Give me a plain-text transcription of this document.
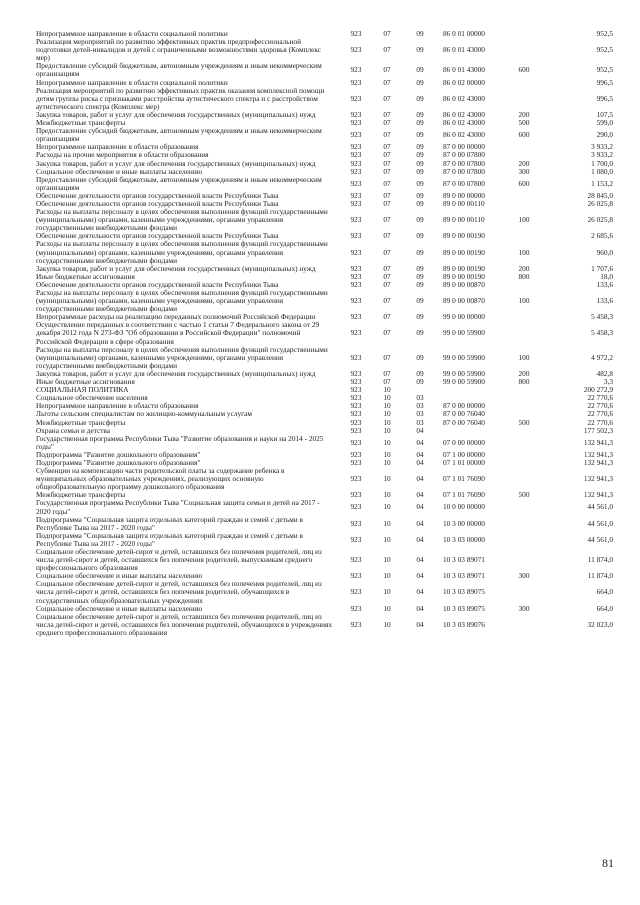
Непрограммное направление в области социальной политики	923	07	09	86 0 01 00000		952,5
Реализация мероприятий по развитию эффективных практик предпрофессиональной подготовки детей-инвалидов и детей с ограниченными возможностями здоровья (Комплекс мер)	923	07	09	86 0 01 43000		952,5
Предоставление субсидий бюджетным, автономным учреждениям и иным некоммерческим организациям	923	07	09	86 0 01 43000	600	952,5
Непрограммное направление в области социальной политики	923	07	09	86 0 02 00000		996,5
Реализация мероприятий по развитию эффективных практик оказания комплексной помощи детям группы риска с признаками расстройства аутистического спектра и с расстройством аутистического спектра (Комплекс мер)	923	07	09	86 0 02 43000		996,5
Закупка товаров, работ и услуг для обеспечения государственных (муниципальных) нужд	923	07	09	86 0 02 43000	200	107,5
Межбюджетные трансферты	923	07	09	86 0 02 43000	500	599,0
Предоставление субсидий бюджетным, автономным учреждениям и иным некоммерческим организациям	923	07	09	86 0 02 43000	600	290,0
Непрограммное направление в области образования	923	07	09	87 0 00 00000		3 933,2
Расходы на прочие мероприятия в области образования	923	07	09	87 0 00 07800		3 933,2
Закупка товаров, работ и услуг для обеспечения государственных (муниципальных) нужд	923	07	09	87 0 00 07800	200	1 700,0
Социальное обеспечение и иные выплаты населению	923	07	09	87 0 00 07800	300	1 080,0
Предоставление субсидий бюджетным, автономным учреждениям и иным некоммерческим организациям	923	07	09	87 0 00 07800	600	1 153,2
Обеспечение деятельности органов государственной власти Республики Тыва	923	07	09	89 0 00 00000		28 845,0
Обеспечение деятельности органов государственной власти Республики Тыва	923	07	09	89 0 00 00110		26 025,8
Расходы на выплаты персоналу в целях обеспечения выполнения функций государственными (муниципальными) органами, казенными учреждениями, органами управления государственными внебюджетными фондами	923	07	09	89 0 00 00110	100	26 025,8
Обеспечение деятельности органов государственной власти Республики Тыва	923	07	09	89 0 00 00190		2 685,6
Расходы на выплаты персоналу в целях обеспечения выполнения функций государственными (муниципальными) органами, казенными учреждениями, органами управления государственными внебюджетными фондами	923	07	09	89 0 00 00190	100	960,0
Закупка товаров, работ и услуг для обеспечения государственных (муниципальных) нужд	923	07	09	89 0 00 00190	200	1 707,6
Иные бюджетные ассигнования	923	07	09	89 0 00 00190	800	18,0
Обеспечение деятельности органов государственной власти Республики Тыва	923	07	09	89 0 00 00870		133,6
Расходы на выплаты персоналу в целях обеспечения выполнения функций государственными (муниципальными) органами, казенными учреждениями, органами управления государственными внебюджетными фондами	923	07	09	89 0 00 00870	100	133,6
Непрограммные расходы на реализацию переданных полномочий Российской Федерации	923	07	09	99 0 00 00000		5 458,3
Осуществление переданных в соответствии с частью 1 статьи 7 Федерального закона от 29 декабря 2012 года N 273-ФЗ "Об образовании в Российской Федерации" полномочий Российской Федерации в сфере образования	923	07	09	99 0 00 59900		5 458,3
Расходы на выплаты персоналу в целях обеспечения выполнения функций государственными (муниципальными) органами, казенными учреждениями, органами управления государственными внебюджетными фондами	923	07	09	99 0 00 59900	100	4 972,2
Закупка товаров, работ и услуг для обеспечения государственных (муниципальных) нужд	923	07	09	99 0 00 59900	200	482,8
Иные бюджетные ассигнования	923	07	09	99 0 00 59900	800	3,3
СОЦИАЛЬНАЯ ПОЛИТИКА	923	10				200 272,9
Социальное обеспечение населения	923	10	03			22 770,6
Непрограммное направление в области образования	923	10	03	87 0 00 00000		22 770,6
Льготы сельским специалистам по жилищно-коммунальным услугам	923	10	03	87 0 00 76040		22 770,6
Межбюджетные трансферты	923	10	03	87 0 00 76040	500	22 770,6
Охрана семьи и детства	923	10	04			177 502,3
Государственная программа Республики Тыва "Развитие образования и науки на 2014 - 2025 годы"	923	10	04	07 0 00 00000		132 941,3
Подпрограмма "Развитие дошкольного образования"	923	10	04	07 1 00 00000		132 941,3
Подпрограмма "Развитие дошкольного образования"	923	10	04	07 1 01 00000		132 941,3
Субвенции на компенсацию части родительской платы за содержание ребенка в муниципальных образовательных учреждениях, реализующих основную общеобразовательную программу дошкольного образования	923	10	04	07 1 01 76090		132 941,3
Межбюджетные трансферты	923	10	04	07 1 01 76090	500	132 941,3
Государственная программа Республики Тыва "Социальная защита семьи и детей на 2017 - 2020 годы"	923	10	04	10 0 00 00000		44 561,0
Подпрограмма "Социальная защита отдельных категорий граждан и семей с детьми в Республике Тыва на 2017 - 2020 годы"	923	10	04	10 3 00 00000		44 561,0
Подпрограмма "Социальная защита отдельных категорий граждан и семей с детьми в Республике Тыва на 2017 - 2020 годы"	923	10	04	10 3 03 00000		44 561,0
Социальное обеспечение детей-сирот и детей, оставшихся без попечения родителей, лиц из числа детей-сирот и детей, оставшихся без попечения родителей, выпускникам среднего профессионального образования	923	10	04	10 3 03 89071		11 874,0
Социальное обеспечение и иные выплаты населению	923	10	04	10 3 03 89071	300	11 874,0
Социальное обеспечение детей-сирот и детей, оставшихся без попечения родителей, лиц из числа детей-сирот и детей, оставшихся без попечения родителей, обучающихся в государственных общеобразовательных учреждениях	923	10	04	10 3 03 89075		664,0
Социальное обеспечение и иные выплаты населению	923	10	04	10 3 03 89075	300	664,0
Социальное обеспечение детей-сирот и детей, оставшихся без попечения родителей, лиц из числа детей-сирот и детей, оставшихся без попечения родителей, обучающихся в учреждениях среднего профессионального образования	923	10	04	10 3 03 89076		32 023,0
81
